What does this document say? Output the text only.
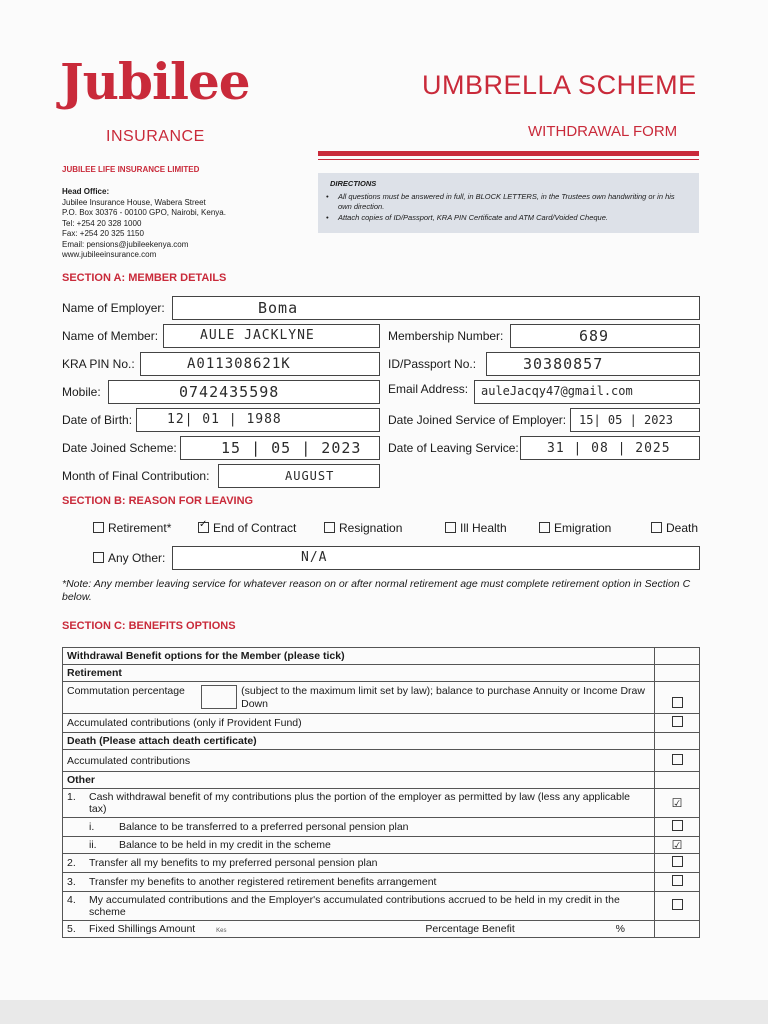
Jubilee
INSURANCE
UMBRELLA SCHEME
WITHDRAWAL FORM
JUBILEE LIFE INSURANCE LIMITED
Head Office:
Jubilee Insurance House, Wabera Street
P.O. Box 30376 - 00100 GPO, Nairobi, Kenya.
Tel: +254 20 328 1000
Fax: +254 20 325 1150
Email: pensions@jubileekenya.com
www.jubileeinsurance.com
DIRECTIONS
• All questions must be answered in full, in BLOCK LETTERS, in the Trustees own handwriting or in his own direction.
• Attach copies of ID/Passport, KRA PIN Certificate and ATM Card/Voided Cheque.
SECTION A: MEMBER DETAILS
Name of Employer:	Boma
Name of Member:	AULE JACKLYNE	Membership Number:	689
KRA PIN No.:	A011308621K	ID/Passport No.:	30380857
Mobile:	0742435598	Email Address: auleJacqy47@gmail.com
Date of Birth:	12| 01 | 1988	Date Joined Service of Employer: 15| 05 | 2023
Date Joined Scheme:	15 | 05 | 2023 Date of Leaving Service: 31 | 08 | 2025
Month of Final Contribution:	AUGUST
SECTION B: REASON FOR LEAVING
Retirement*	✓ End of Contract	Resignation	Ill Health	Emigration	Death
Any Other:	N/A
*Note: Any member leaving service for whatever reason on or after normal retirement age must complete retirement option in Section C below.
SECTION C: BENEFITS OPTIONS
Withdrawal Benefit options for the Member (please tick)	
Retirement	

Commutation percentage (subject to the maximum limit set by law); balance to purchase Annuity or Income Draw Down	

Accumulated contributions (only if Provident Fund)	
Death (Please attach death certificate)	
Accumulated contributions	
Other	

1. Cash withdrawal benefit of my contributions plus the portion of the employer as permitted by law (less any applicable tax)	☑
i. Balance to be transferred to a preferred personal pension plan	
ii. Balance to be held in my credit in the scheme	☑
2. Transfer all my benefits to my preferred personal pension plan	
3. Transfer my benefits to another registered retirement benefits arrangement	

4. My accumulated contributions and the Employer's accumulated contributions accrued to be held in my credit in the scheme	

5. Fixed Shillings Amount Kes Percentage Benefit %	
